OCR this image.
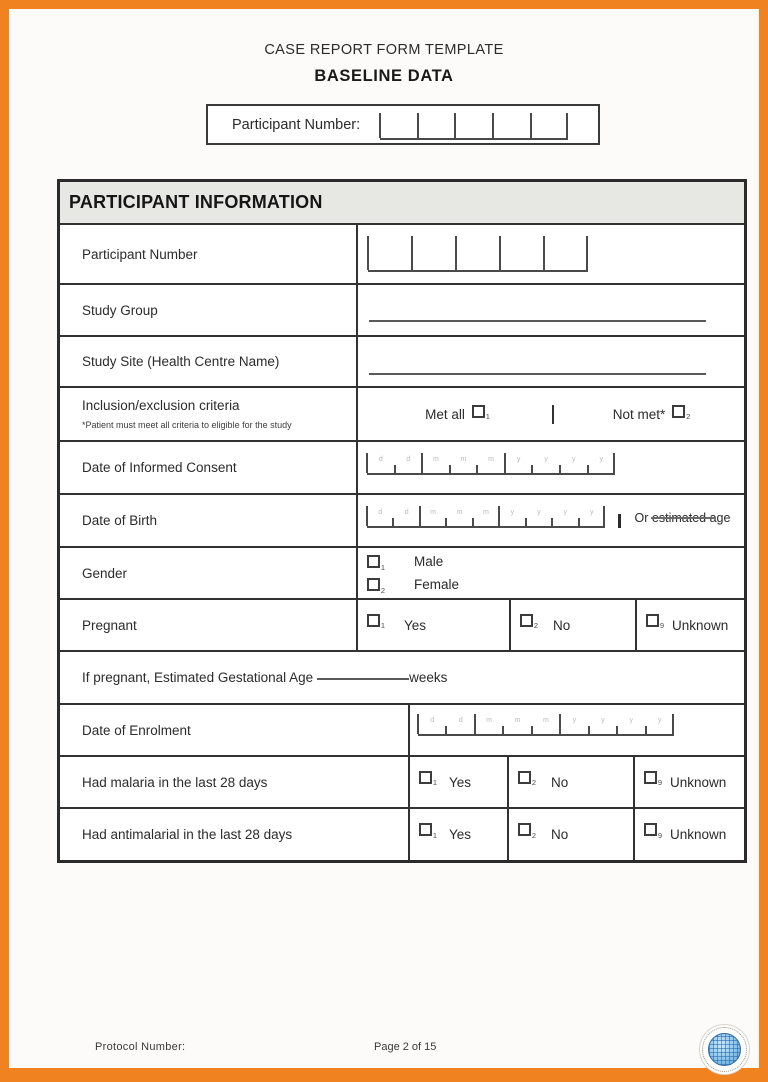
CASE REPORT FORM TEMPLATE
BASELINE DATA
Participant Number:
PARTICIPANT INFORMATION
Participant Number
Study Group
Study Site (Health Centre Name)
Inclusion/exclusion criteria
*Patient must meet all criteria to eligible for the study
Met all	1	Not met*	2
Date of Informed Consent
d	d	m	m	m	y	y	y	y
Date of Birth
d	d	m	m	m	y	y	y	y	Or estimated age
Gender	1 Male
2 Female
Pregnant	1 Yes	2 No	9 Unknown
If pregnant, Estimated Gestational Age	weeks
Date of Enrolment
d	d	m	m	m	y	y	y	y
Had malaria in the last 28 days	1 Yes	2 No	9 Unknown
Had antimalarial in the last 28 days	1 Yes	2 No	9 Unknown
Protocol Number:	Page 2 of 15
